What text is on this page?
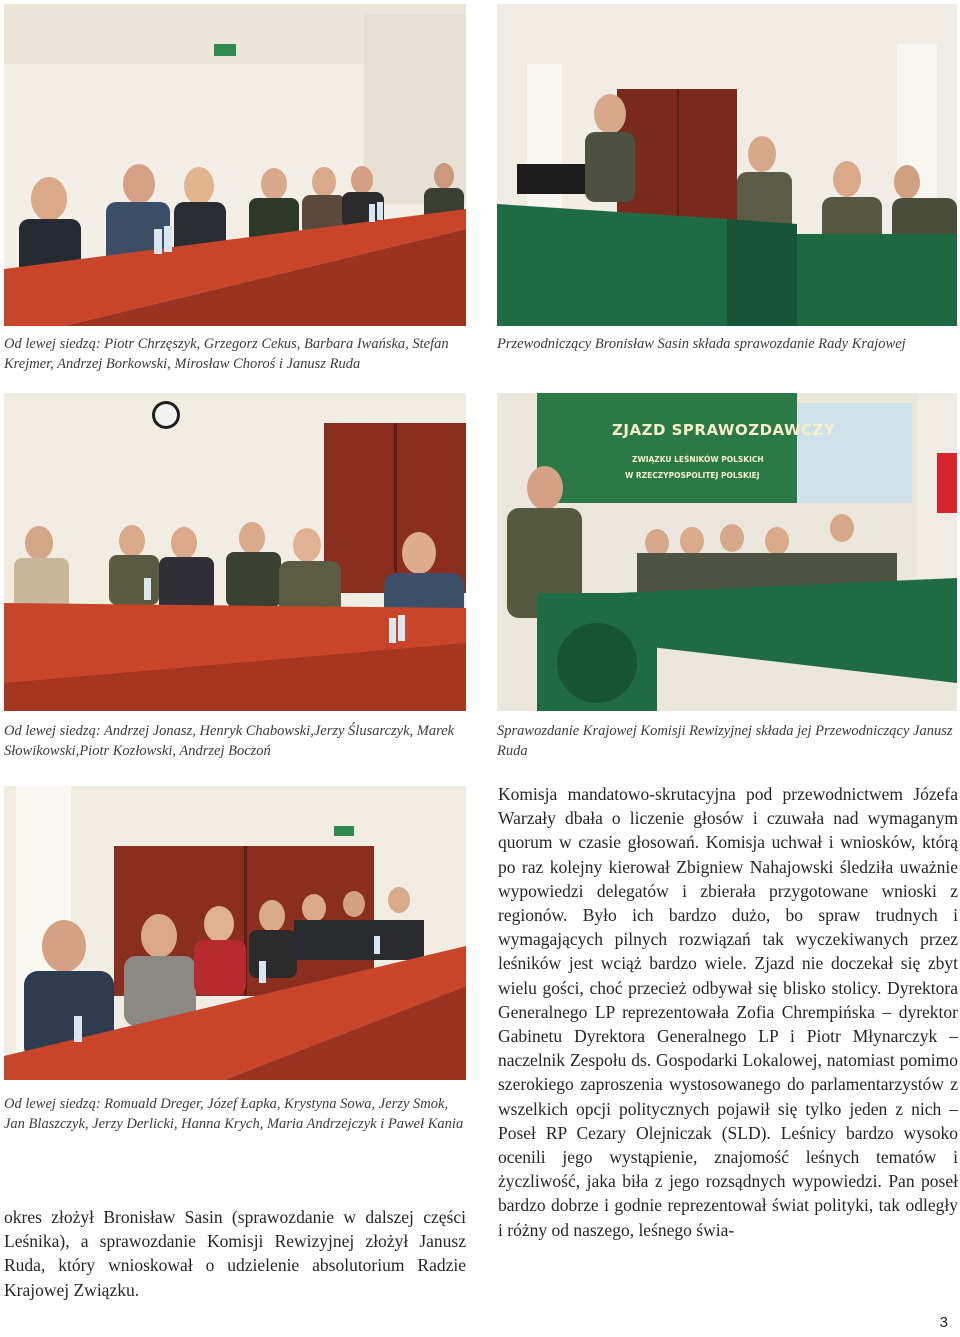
Od lewej siedzą: Piotr Chrzęszyk, Grzegorz Cekus, Barbara Iwańska, Stefan Krejmer, Andrzej Borkowski, Mirosław Choroś i Janusz Ruda
Przewodniczący Bronisław Sasin składa sprawozdanie Rady Krajowej
Od lewej siedzą: Andrzej Jonasz, Henryk Chabowski,Jerzy Ślusarczyk, Marek Słowikowski,Piotr Kozłowski, Andrzej Boczoń
ZJAZD SPRAWOZDAWCZY
ZWIĄZKU LEŚNIKÓW POLSKICH
W RZECZYPOSPOLITEJ POLSKIEJ
Sprawozdanie Krajowej Komisji Rewizyjnej składa jej Przewodniczący Janusz Ruda
Od lewej siedzą: Romuald Dreger, Józef Łapka, Krystyna Sowa, Jerzy Smok, Jan Blaszczyk, Jerzy Derlicki, Hanna Krych, Maria Andrzejczyk i Paweł Kania
okres złożył Bronisław Sasin (sprawozdanie w dalszej części Leśnika), a sprawozdanie Komisji Rewizyjnej złożył Janusz Ruda, który wnioskował o udzielenie absolutorium Radzie Krajowej Związku.
Komisja mandatowo-skrutacyjna pod przewodnictwem Józefa Warzały dbała o liczenie głosów i czuwała nad wymaganym quorum w czasie głosowań. Komisja uchwał i wniosków, którą po raz kolejny kierował Zbigniew Nahajowski śledziła uważnie wypowiedzi delegatów i zbierała przygotowane wnioski z regionów. Było ich bardzo dużo, bo spraw trudnych i wymagających pilnych rozwiązań tak wyczekiwanych przez leśników jest wciąż bardzo wiele. Zjazd nie doczekał się zbyt wielu gości, choć przecież odbywał się blisko stolicy. Dyrektora Generalnego LP reprezentowała Zofia Chrempińska – dyrektor Gabinetu Dyrektora Generalnego LP i Piotr Młynarczyk – naczelnik Zespołu ds. Gospodarki Lokalowej, natomiast pomimo szerokiego zaproszenia wystosowanego do parlamentarzystów z wszelkich opcji politycznych pojawił się tylko jeden z nich – Poseł RP Cezary Olejniczak (SLD). Leśnicy bardzo wysoko ocenili jego wystąpienie, znajomość leśnych tematów i życzliwość, jaka biła z jego rozsądnych wypowiedzi. Pan poseł bardzo dobrze i godnie reprezentował świat polityki, tak odległy i różny od naszego, leśnego świa-
3
